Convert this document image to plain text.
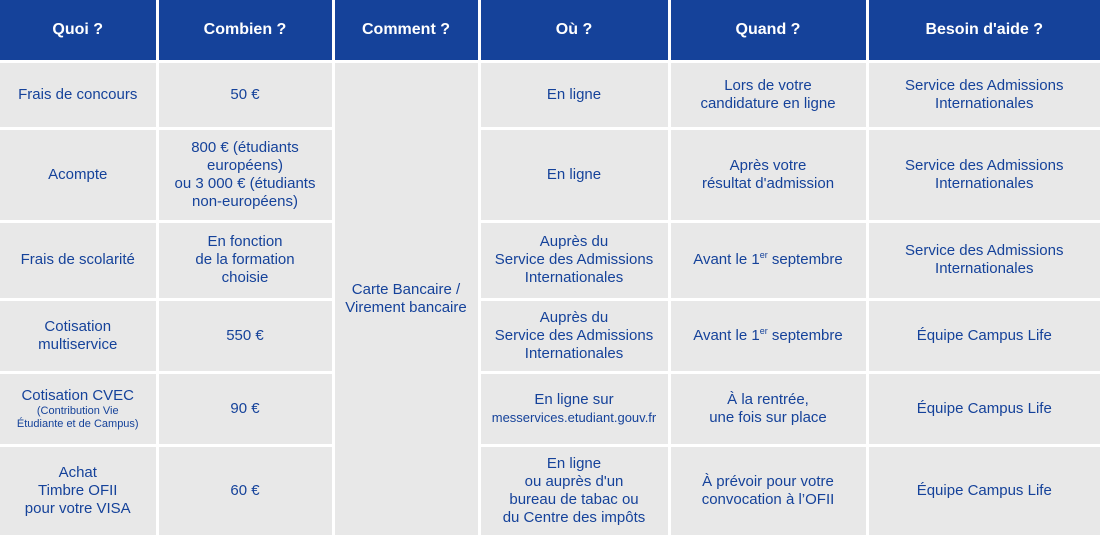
Quoi ?	Combien ?	Comment ?	Où ?	Quand ?	Besoin d'aide ?

Frais de concours	50 €	Carte Bancaire /
Virement bancaire	En ligne	Lors de votre
candidature en ligne	Service des Admissions
Internationales

Acompte	800 € (étudiants
européens)
ou 3 000 € (étudiants
non-européens)		En ligne	Après votre
résultat d'admission	Service des Admissions
Internationales

Frais de scolarité	En fonction
de la formation
choisie		Auprès du
Service des Admissions
Internationales	Avant le 1er septembre	Service des Admissions
Internationales

Cotisation
multiservice	550 €		Auprès du
Service des Admissions
Internationales	Avant le 1er septembre	Équipe Campus Life

Cotisation CVEC
(Contribution Vie
Étudiante et de Campus)	90 €		En ligne sur
messervices.etudiant.gouv.fr	À la rentrée,
une fois sur place	Équipe Campus Life

Achat
Timbre OFII
pour votre VISA	60 €		En ligne
ou auprès d'un
bureau de tabac ou
du Centre des impôts	À prévoir pour votre
convocation à l’OFII	Équipe Campus Life
